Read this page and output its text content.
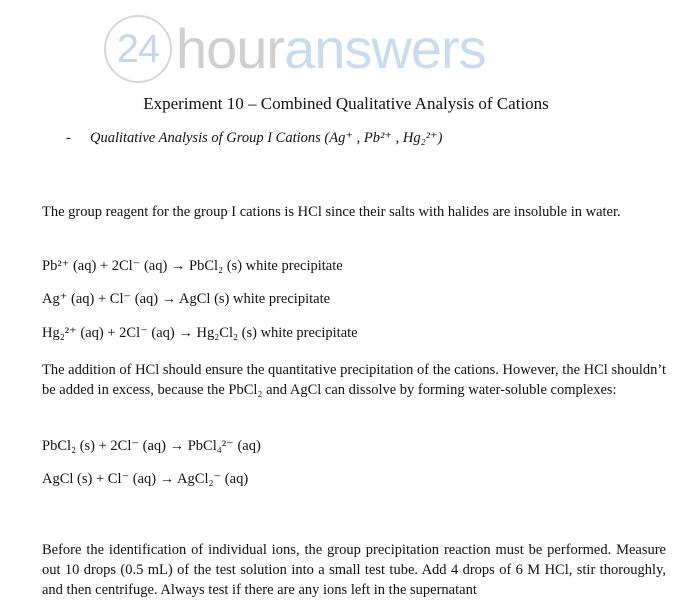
24 houranswers
Experiment 10 – Combined Qualitative Analysis of Cations
- Qualitative Analysis of Group I Cations (Ag⁺ , Pb²⁺ , Hg₂²⁺)
The group reagent for the group I cations is HCl since their salts with halides are insoluble in water.
Pb²⁺ (aq) + 2Cl⁻ (aq) → PbCl₂ (s) white precipitate
Ag⁺ (aq) + Cl⁻ (aq) → AgCl (s) white precipitate
Hg₂²⁺ (aq) + 2Cl⁻ (aq) → Hg₂Cl₂ (s) white precipitate
The addition of HCl should ensure the quantitative precipitation of the cations. However, the HCl shouldn’t be added in excess, because the PbCl₂ and AgCl can dissolve by forming water-soluble complexes:
PbCl₂ (s) + 2Cl⁻ (aq) → PbCl₄²⁻ (aq)
AgCl (s) + Cl⁻ (aq) → AgCl₂⁻ (aq)
Before the identification of individual ions, the group precipitation reaction must be performed. Measure out 10 drops (0.5 mL) of the test solution into a small test tube. Add 4 drops of 6 M HCl, stir thoroughly, and then centrifuge. Always test if there are any ions left in the supernatant
